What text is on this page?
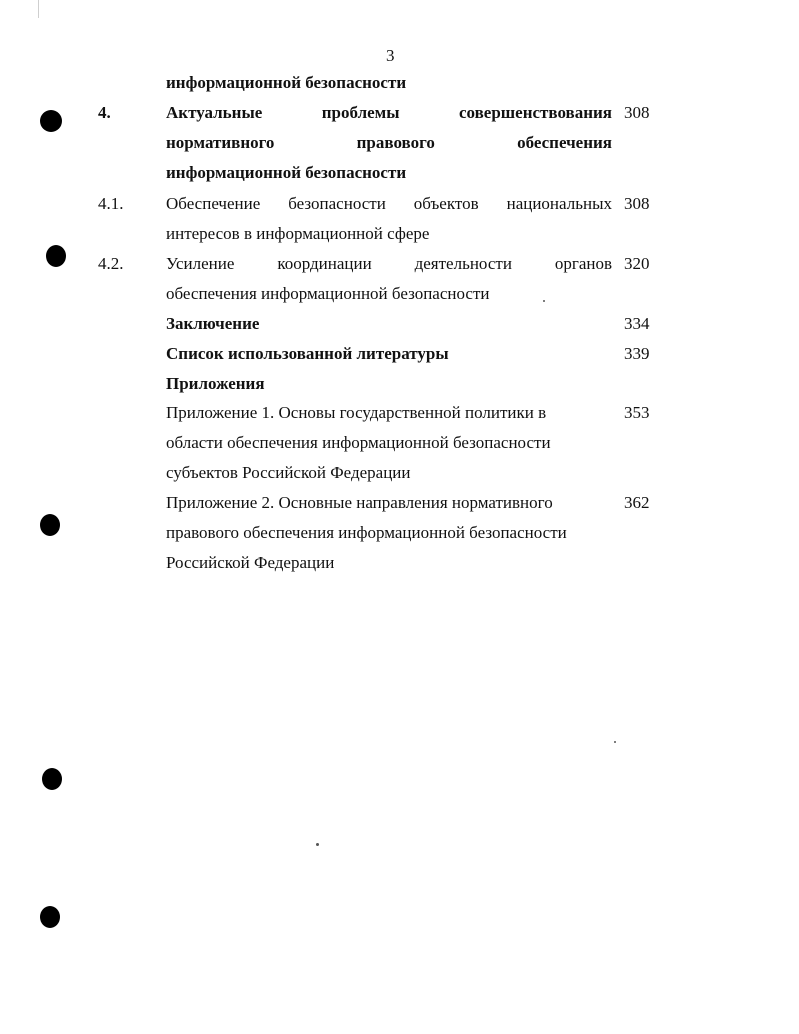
3
информационной безопасности
4.	Актуальные проблемы совершенствования 308
нормативного правового обеспечения
информационной безопасности
4.1.	Обеспечение безопасности объектов национальных 308
интересов в информационной сфере
4.2.	Усиление координации деятельности органов 320
обеспечения информационной безопасности
Заключение	334
Список использованной литературы	339
Приложения
Приложение 1. Основы государственной политики в	353
области обеспечения информационной безопасности
субъектов Российской Федерации
Приложение 2. Основные направления нормативного	362
правового обеспечения информационной безопасности
Российской Федерации
